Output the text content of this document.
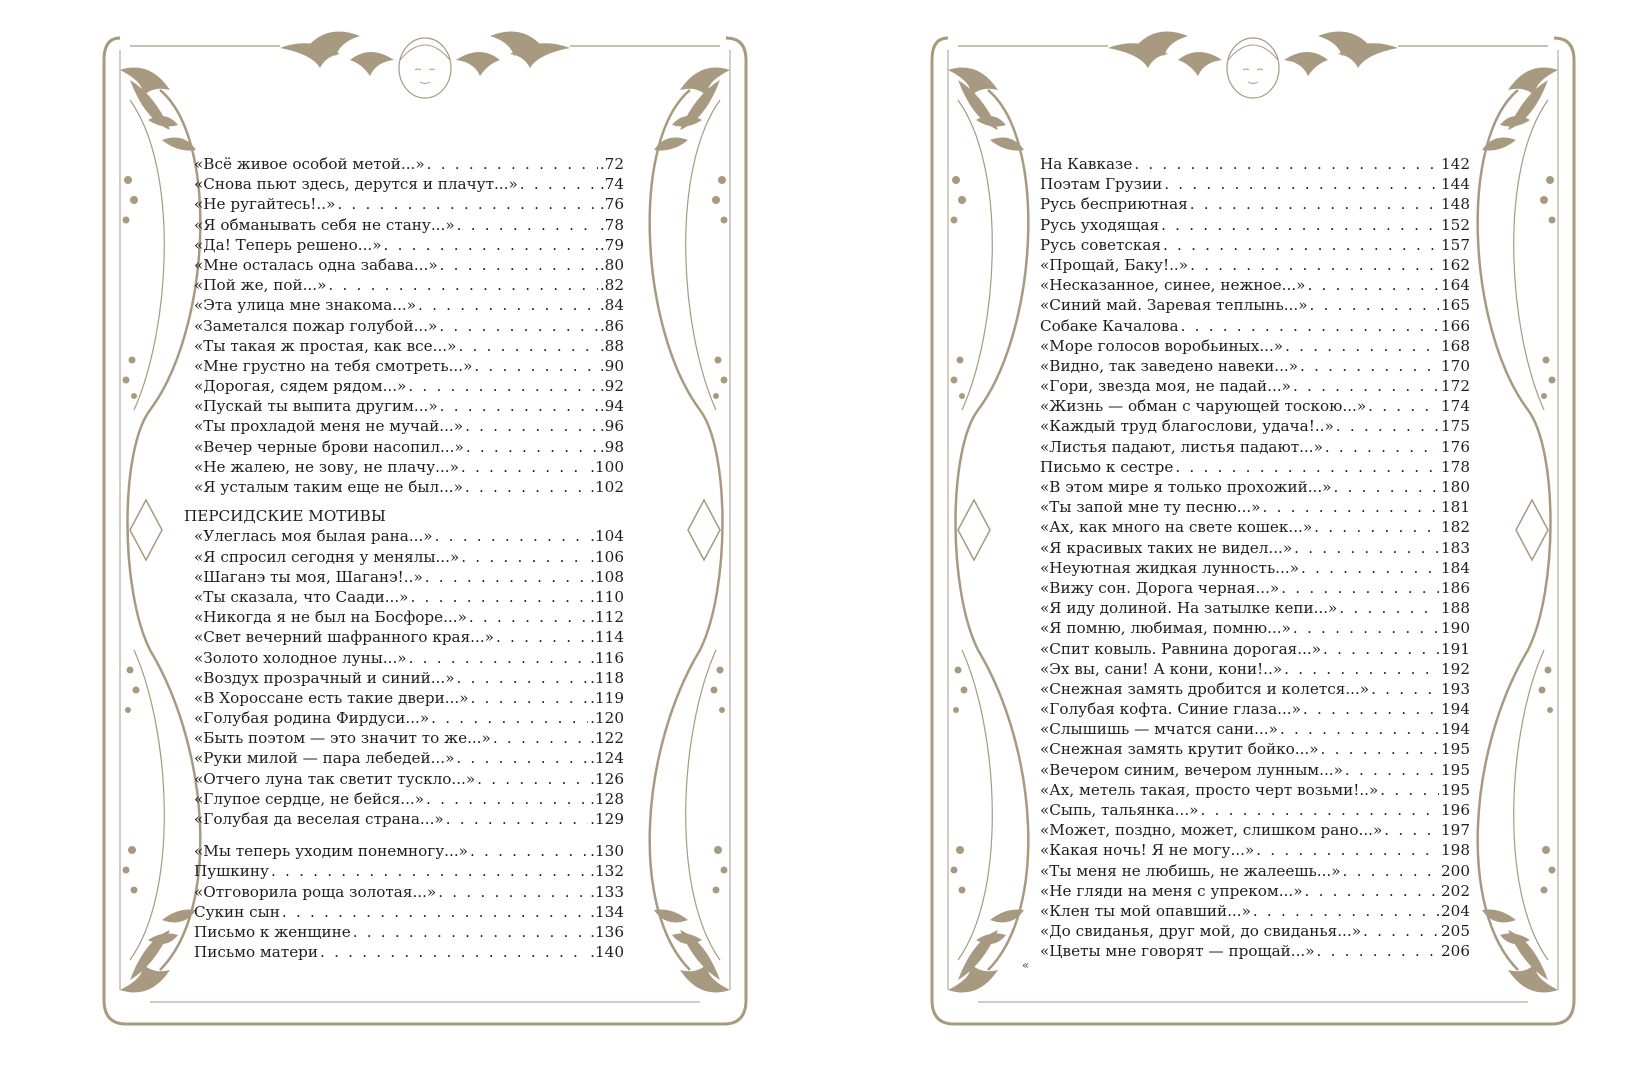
«Всё живое особой метой...» . . .	.72
«Снова пьют здесь, дерутся и плачут...» . . .	.74
«Не ругайтесь!..» . . .	.76
«Я обманывать себя не стану...» . . .	.78
«Да! Теперь решено...» . . .	.79
«Мне осталась одна забава...» . . .	.80
«Пой же, пой...» . . .	.82
«Эта улица мне знакома...» . . .	.84
«Заметался пожар голубой...» . . .	.86
«Ты такая ж простая, как все...» . . .	.88
«Мне грустно на тебя смотреть...» . . .	.90
«Дорогая, сядем рядом...» . . .	.92
«Пускай ты выпита другим...» . . .	.94
«Ты прохладой меня не мучай...» . . .	.96
«Вечер черные брови насопил...» . . .	.98
«Не жалею, не зову, не плачу...» . . .	.100
«Я усталым таким еще не был...» . . .	.102
ПЕРСИДСКИЕ МОТИВЫ
«Улеглась моя былая рана...» . . .	.104
«Я спросил сегодня у менялы...» . . .	.106
«Шаганэ ты моя, Шаганэ!..» . . .	.108
«Ты сказала, что Саади...» . . .	.110
«Никогда я не был на Босфоре...» . . .	.112
«Свет вечерний шафранного края...» . . .	.114
«Золото холодное луны...» . . .	.116
«Воздух прозрачный и синий...» . . .	.118
«В Хороссане есть такие двери...» . . .	.119
«Голубая родина Фирдуси...» . . .	.120
«Быть поэтом — это значит то же...» . . .	.122
«Руки милой — пара лебедей...» . . .	.124
«Отчего луна так светит тускло...» . . .	.126
«Глупое сердце, не бейся...» . . .	.128
«Голубая да веселая страна...» . . .	.129
«Мы теперь уходим понемногу...» . . .	.130
Пушкину . . .	.132
«Отговорила роща золотая...» . . .	.133
Сукин сын . . .	.134
Письмо к женщине . . .	.136
Письмо матери . . .	.140
На Кавказе . . .	142
Поэтам Грузии . . .	144
Русь бесприютная . . .	148
Русь уходящая . . .	152
Русь советская . . .	157
«Прощай, Баку!..» . . .	162
«Несказанное, синее, нежное...» . . .	164
«Синий май. Заревая теплынь...» . . .	165
Собаке Качалова . . .	166
«Море голосов воробьиных...» . . .	168
«Видно, так заведено навеки...» . . .	170
«Гори, звезда моя, не падай...» . . .	172
«Жизнь — обман с чарующей тоскою...» . . .	174
«Каждый труд благослови, удача!..» . . .	175
«Листья падают, листья падают...» . . .	176
Письмо к сестре . . .	178
«В этом мире я только прохожий...» . . .	180
«Ты запой мне ту песню...» . . .	181
«Ах, как много на свете кошек...» . . .	182
«Я красивых таких не видел...» . . .	183
«Неуютная жидкая лунность...» . . .	184
«Вижу сон. Дорога черная...» . . .	186
«Я иду долиной. На затылке кепи...» . . .	188
«Я помню, любимая, помню...» . . .	190
«Спит ковыль. Равнина дорогая...» . . .	191
«Эх вы, сани! А кони, кони!..» . . .	192
«Снежная замять дробится и колется...» . . .	193
«Голубая кофта. Синие глаза...» . . .	194
«Слышишь — мчатся сани...» . . .	194
«Снежная замять крутит бойко...» . . .	195
«Вечером синим, вечером лунным...» . . .	195
«Ах, метель такая, просто черт возьми!..» . . .	195
«Сыпь, тальянка...» . . .	196
«Может, поздно, может, слишком рано...» . . .	197
«Какая ночь! Я не могу...» . . .	198
«Ты меня не любишь, не жалеешь...» . . .	200
«Не гляди на меня с упреком...» . . .	202
«Клен ты мой опавший...» . . .	204
«До свиданья, друг мой, до свиданья...» . . .	205
«Цветы мне говорят — прощай...» . . .	206
«
